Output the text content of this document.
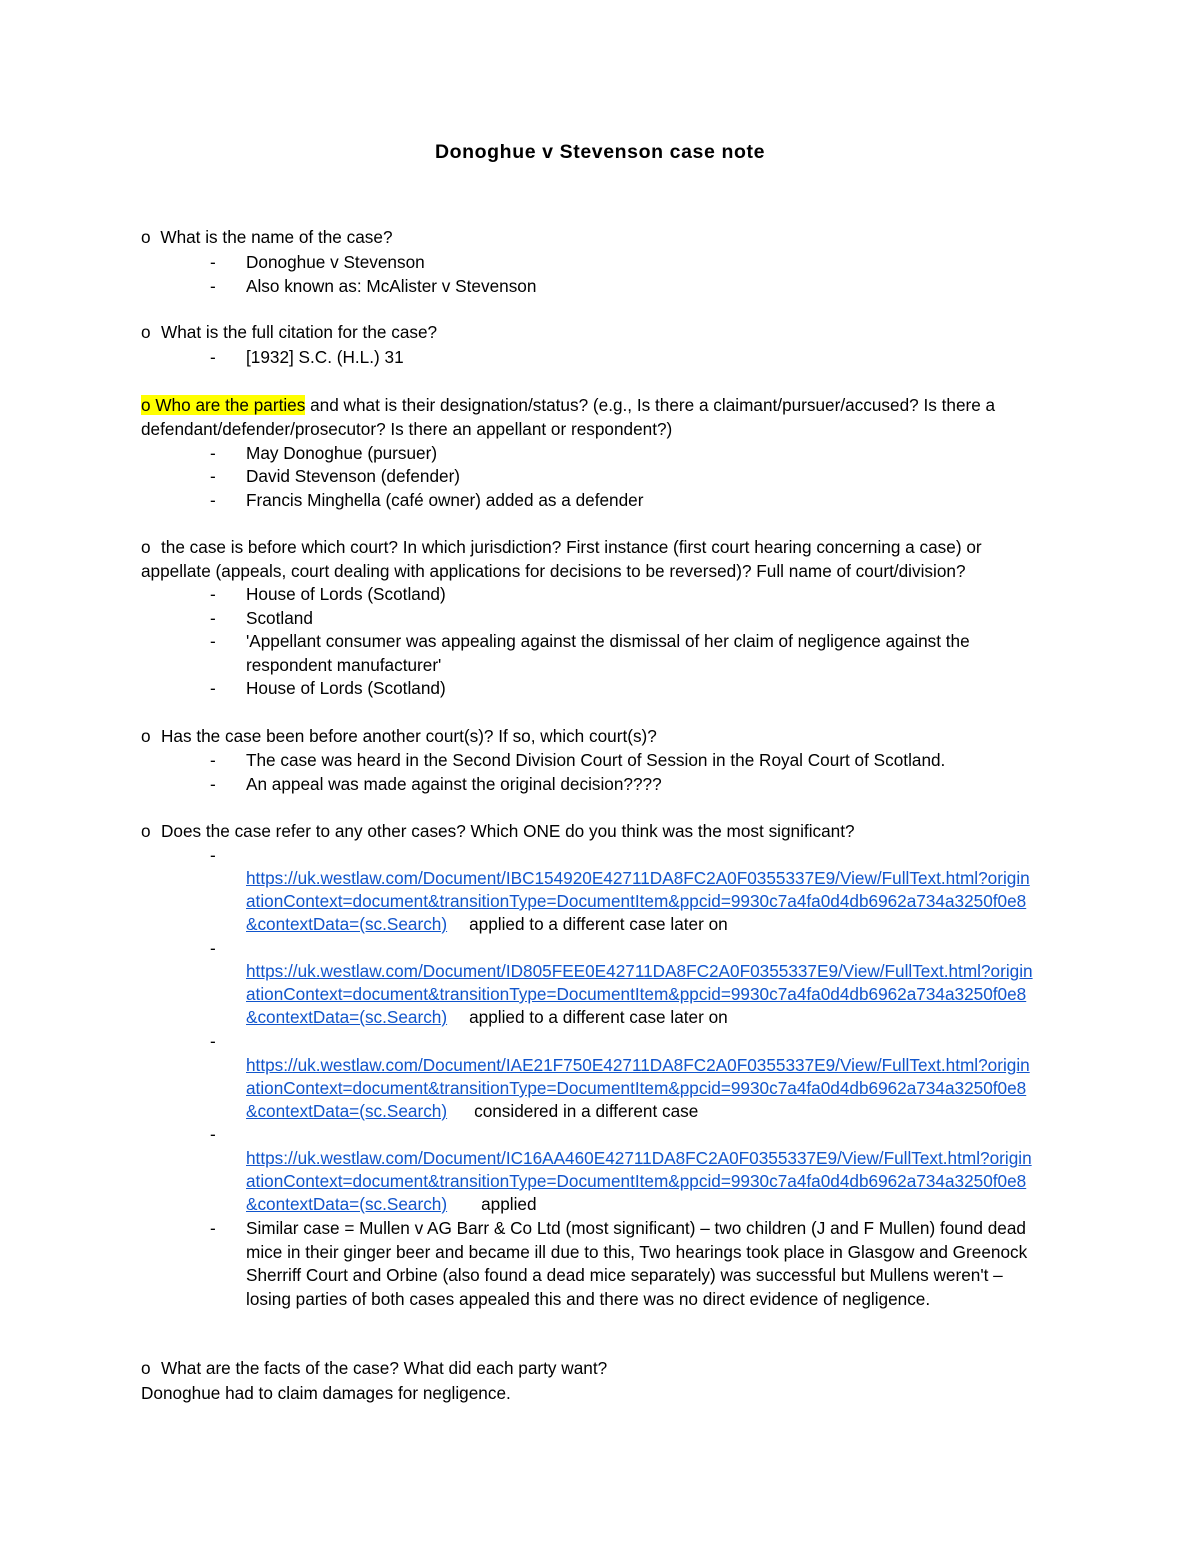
Donoghue v Stevenson case note
o What is the name of the case?
- Donoghue v Stevenson
- Also known as: McAlister v Stevenson
o What is the full citation for the case?
- [1932] S.C. (H.L.) 31
o Who are the parties and what is their designation/status? (e.g., Is there a claimant/pursuer/accused? Is there a
defendant/defender/prosecutor? Is there an appellant or respondent?)
- May Donoghue (pursuer)
- David Stevenson (defender)
- Francis Minghella (café owner) added as a defender
o the case is before which court? In which jurisdiction? First instance (first court hearing concerning a case) or
appellate (appeals, court dealing with applications for decisions to be reversed)? Full name of court/division?
- House of Lords (Scotland)
- Scotland
- 'Appellant consumer was appealing against the dismissal of her claim of negligence against the
respondent manufacturer'
- House of Lords (Scotland)
o Has the case been before another court(s)? If so, which court(s)?
- The case was heard in the Second Division Court of Session in the Royal Court of Scotland.
- An appeal was made against the original decision????
o Does the case refer to any other cases? Which ONE do you think was the most significant?
-
https://uk.westlaw.com/Document/IBC154920E42711DA8FC2A0F0355337E9/View/FullText.html?origin
ationContext=document&transitionType=DocumentItem&ppcid=9930c7a4fa0d4db6962a734a3250f0e8
&contextData=(sc.Search) applied to a different case later on
-
https://uk.westlaw.com/Document/ID805FEE0E42711DA8FC2A0F0355337E9/View/FullText.html?origin
ationContext=document&transitionType=DocumentItem&ppcid=9930c7a4fa0d4db6962a734a3250f0e8
&contextData=(sc.Search) applied to a different case later on
-
https://uk.westlaw.com/Document/IAE21F750E42711DA8FC2A0F0355337E9/View/FullText.html?origin
ationContext=document&transitionType=DocumentItem&ppcid=9930c7a4fa0d4db6962a734a3250f0e8
&contextData=(sc.Search) considered in a different case
-
https://uk.westlaw.com/Document/IC16AA460E42711DA8FC2A0F0355337E9/View/FullText.html?origin
ationContext=document&transitionType=DocumentItem&ppcid=9930c7a4fa0d4db6962a734a3250f0e8
&contextData=(sc.Search) applied
- Similar case = Mullen v AG Barr & Co Ltd (most significant) – two children (J and F Mullen) found dead
mice in their ginger beer and became ill due to this, Two hearings took place in Glasgow and Greenock
Sherriff Court and Orbine (also found a dead mice separately) was successful but Mullens weren't –
losing parties of both cases appealed this and there was no direct evidence of negligence.
o What are the facts of the case? What did each party want?
Donoghue had to claim damages for negligence.
